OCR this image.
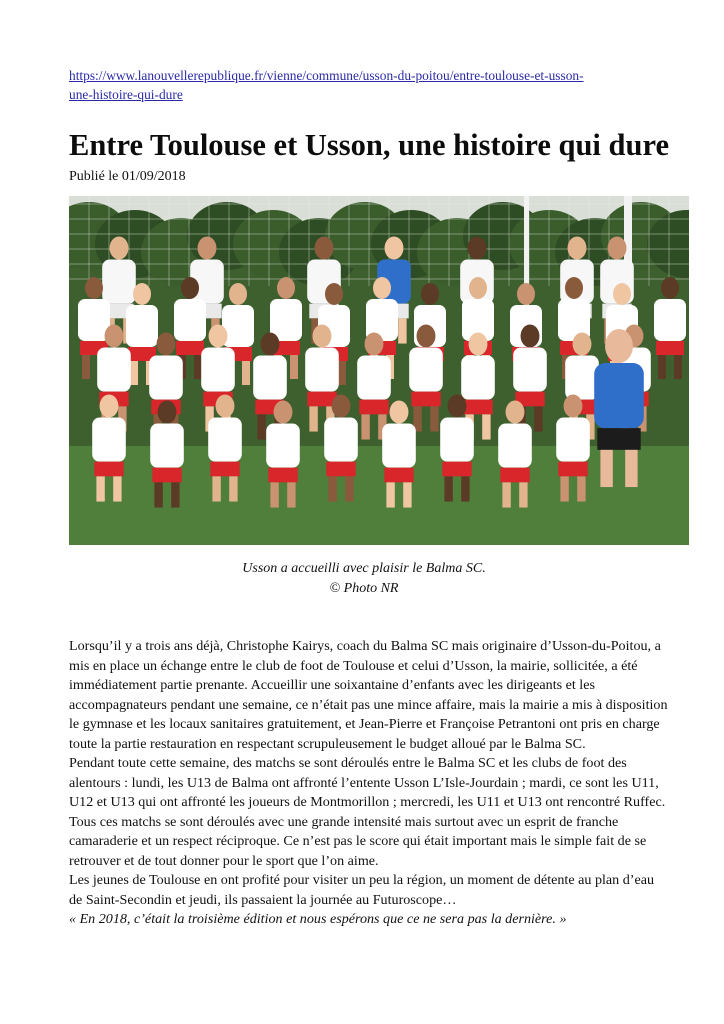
https://www.lanouvellerepublique.fr/vienne/commune/usson-du-poitou/entre-toulouse-et-usson-
une-histoire-qui-dure
Entre Toulouse et Usson, une histoire qui dure
Publié le 01/09/2018
Usson a accueilli avec plaisir le Balma SC.
© Photo NR

Lorsqu’il y a trois ans déjà, Christophe Kairys, coach du Balma SC mais originaire d’Usson-du-Poitou, a mis en place un échange entre le club de foot de Toulouse et celui d’Usson, la mairie, sollicitée, a été immédiatement partie prenante. Accueillir une soixantaine d’enfants avec les dirigeants et les accompagnateurs pendant une semaine, ce n’était pas une mince affaire, mais la mairie a mis à disposition le gymnase et les locaux sanitaires gratuitement, et Jean-Pierre et Françoise Petrantoni ont pris en charge toute la partie restauration en respectant scrupuleusement le budget alloué par le Balma SC.

Pendant toute cette semaine, des matchs se sont déroulés entre le Balma SC et les clubs de foot des alentours : lundi, les U13 de Balma ont affronté l’entente Usson L’Isle-Jourdain ; mardi, ce sont les U11, U12 et U13 qui ont affronté les joueurs de Montmorillon ; mercredi, les U11 et U13 ont rencontré Ruffec. Tous ces matchs se sont déroulés avec une grande intensité mais surtout avec un esprit de franche camaraderie et un respect réciproque. Ce n’est pas le score qui était important mais le simple fait de se retrouver et de tout donner pour le sport que l’on aime.

Les jeunes de Toulouse en ont profité pour visiter un peu la région, un moment de détente au plan d’eau de Saint-Secondin et jeudi, ils passaient la journée au Futuroscope…

« En 2018, c’était la troisième édition et nous espérons que ce ne sera pas la dernière. »
